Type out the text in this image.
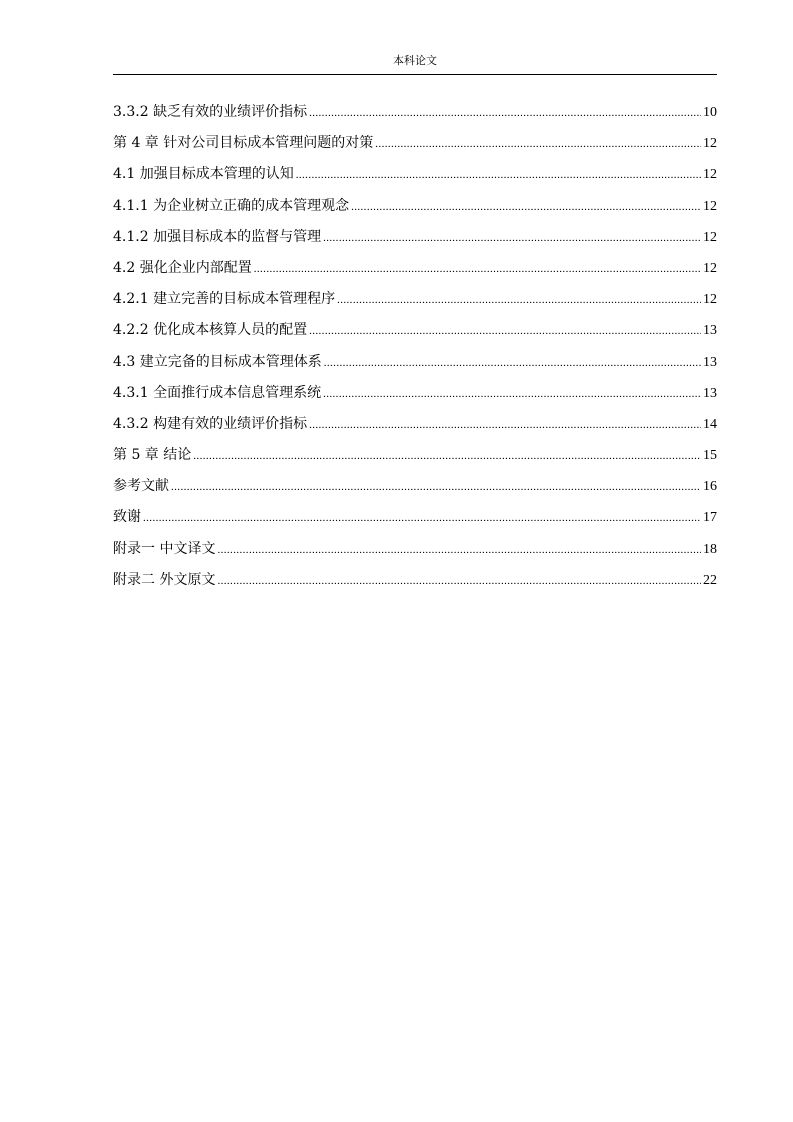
本科论文
3.3.2 缺乏有效的业绩评价指标 .....	10
第 4 章 针对公司目标成本管理问题的对策 .....	12
4.1 加强目标成本管理的认知 .....	12
4.1.1 为企业树立正确的成本管理观念 .....	12
4.1.2 加强目标成本的监督与管理 .....	12
4.2 强化企业内部配置 .....	12
4.2.1 建立完善的目标成本管理程序 .....	12
4.2.2 优化成本核算人员的配置 .....	13
4.3 建立完备的目标成本管理体系 .....	13
4.3.1 全面推行成本信息管理系统 .....	13
4.3.2 构建有效的业绩评价指标 .....	14
第 5 章 结论 .....	15
参考文献 .....	16
致谢 .....	17
附录一 中文译文 .....	18
附录二 外文原文 .....	22
